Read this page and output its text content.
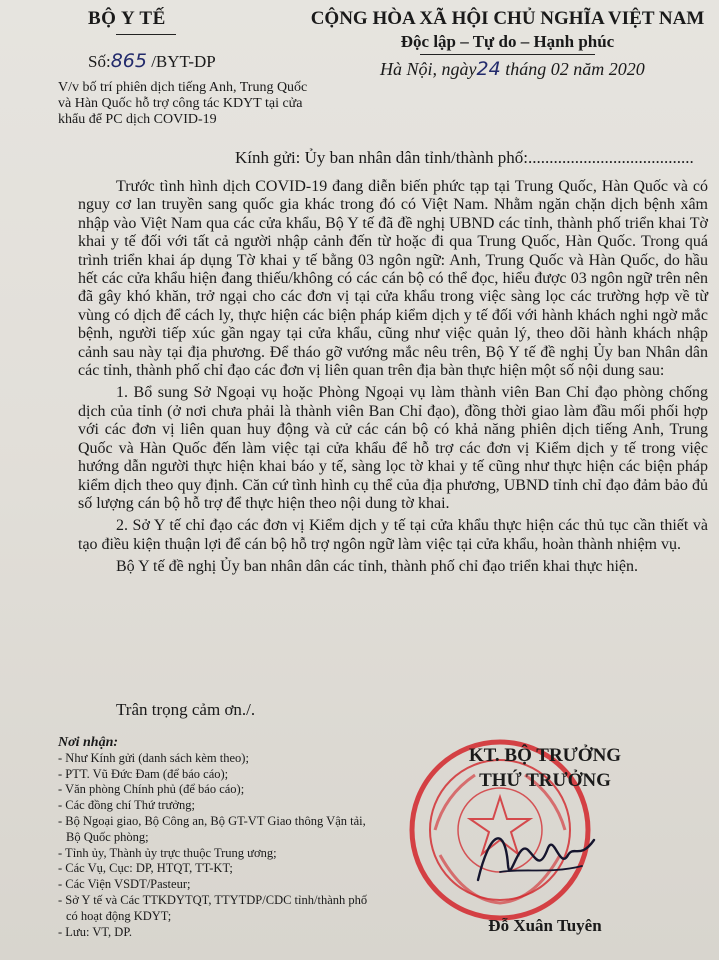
BỘ Y TẾ	CỘNG HÒA XÃ HỘI CHỦ NGHĨA VIỆT NAM
Độc lập – Tự do – Hạnh phúc
Số:865 /BYT-DP	Hà Nội, ngày24 tháng 02 năm 2020
V/v bố trí phiên dịch tiếng Anh, Trung Quốc và Hàn Quốc hỗ trợ công tác KDYT tại cửa khẩu để PC dịch COVID-19
Kính gửi: Ủy ban nhân dân tỉnh/thành phố:.......................................

Trước tình hình dịch COVID-19 đang diễn biến phức tạp tại Trung Quốc, Hàn Quốc và có nguy cơ lan truyền sang quốc gia khác trong đó có Việt Nam. Nhằm ngăn chặn dịch bệnh xâm nhập vào Việt Nam qua các cửa khẩu, Bộ Y tế đã đề nghị UBND các tỉnh, thành phố triển khai Tờ khai y tế đối với tất cả người nhập cảnh đến từ hoặc đi qua Trung Quốc, Hàn Quốc. Trong quá trình triển khai áp dụng Tờ khai y tế bằng 03 ngôn ngữ: Anh, Trung Quốc và Hàn Quốc, do hầu hết các cửa khẩu hiện đang thiếu/không có các cán bộ có thể đọc, hiểu được 03 ngôn ngữ trên nên đã gây khó khăn, trở ngại cho các đơn vị tại cửa khẩu trong việc sàng lọc các trường hợp về từ vùng có dịch để cách ly, thực hiện các biện pháp kiểm dịch y tế đối với hành khách nghi ngờ mắc bệnh, người tiếp xúc gần ngay tại cửa khẩu, cũng như việc quản lý, theo dõi hành khách nhập cảnh sau này tại địa phương. Để tháo gỡ vướng mắc nêu trên, Bộ Y tế đề nghị Ủy ban Nhân dân các tỉnh, thành phố chỉ đạo các đơn vị liên quan trên địa bàn thực hiện một số nội dung sau:

1. Bổ sung Sở Ngoại vụ hoặc Phòng Ngoại vụ làm thành viên Ban Chỉ đạo phòng chống dịch của tỉnh (ở nơi chưa phải là thành viên Ban Chỉ đạo), đồng thời giao làm đầu mối phối hợp với các đơn vị liên quan huy động và cử các cán bộ có khả năng phiên dịch tiếng Anh, Trung Quốc và Hàn Quốc đến làm việc tại cửa khẩu để hỗ trợ các đơn vị Kiểm dịch y tế trong việc hướng dẫn người thực hiện khai báo y tế, sàng lọc tờ khai y tế cũng như thực hiện các biện pháp kiểm dịch theo quy định. Căn cứ tình hình cụ thể của địa phương, UBND tỉnh chỉ đạo đảm bảo đủ số lượng cán bộ hỗ trợ để thực hiện theo nội dung tờ khai.

2. Sở Y tế chỉ đạo các đơn vị Kiểm dịch y tế tại cửa khẩu thực hiện các thủ tục cần thiết và tạo điều kiện thuận lợi để cán bộ hỗ trợ ngôn ngữ làm việc tại cửa khẩu, hoàn thành nhiệm vụ.

Bộ Y tế đề nghị Ủy ban nhân dân các tỉnh, thành phố chỉ đạo triển khai thực hiện.

Trân trọng cảm ơn./.
Nơi nhận:
- Như Kính gửi (danh sách kèm theo);
- PTT. Vũ Đức Đam (để báo cáo);
- Văn phòng Chính phủ (để báo cáo);
- Các đồng chí Thứ trưởng;
- Bộ Ngoại giao, Bộ Công an, Bộ GT-VT Giao thông Vận tải,
Bộ Quốc phòng;
- Tỉnh ủy, Thành ủy trực thuộc Trung ương;
- Các Vụ, Cục: DP, HTQT, TT-KT;
- Các Viện VSDT/Pasteur;
- Sở Y tế và Các TTKDYTQT, TTYTDP/CDC tỉnh/thành phố
có hoạt động KDYT;
- Lưu: VT, DP.
KT. BỘ TRƯỞNG
THỨ TRƯỞNG
Đỗ Xuân Tuyên
